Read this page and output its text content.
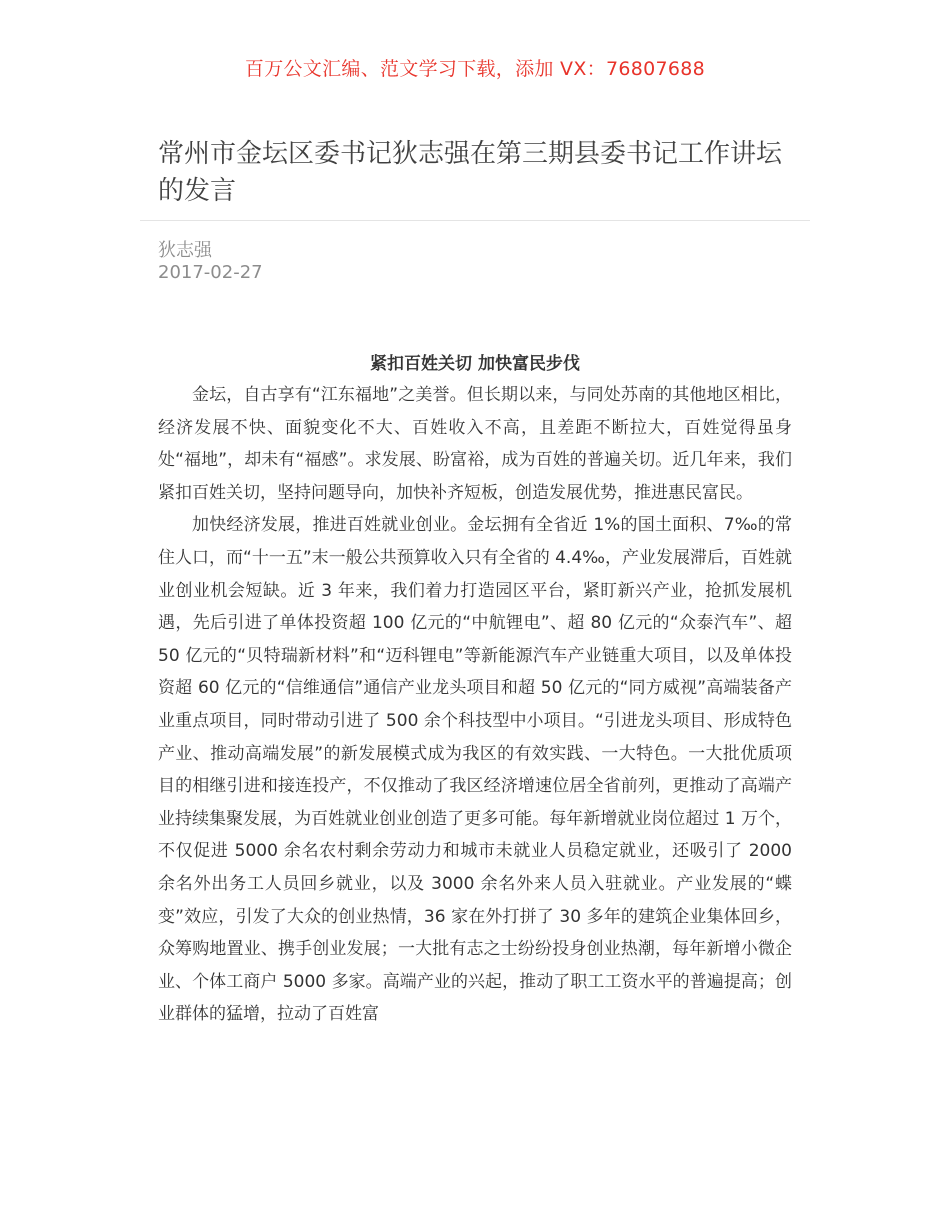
百万公文汇编、范文学习下载，添加 VX：76807688
常州市金坛区委书记狄志强在第三期县委书记工作讲坛的发言
狄志强
2017-02-27
紧扣百姓关切 加快富民步伐

金坛，自古享有“江东福地”之美誉。但长期以来，与同处苏南的其他地区相比，经济发展不快、面貌变化不大、百姓收入不高，且差距不断拉大，百姓觉得虽身处“福地”，却未有“福感”。求发展、盼富裕，成为百姓的普遍关切。近几年来，我们紧扣百姓关切，坚持问题导向，加快补齐短板，创造发展优势，推进惠民富民。

加快经济发展，推进百姓就业创业。金坛拥有全省近 1%的国土面积、7‰的常住人口，而“十一五”末一般公共预算收入只有全省的 4.4‰，产业发展滞后，百姓就业创业机会短缺。近 3 年来，我们着力打造园区平台，紧盯新兴产业，抢抓发展机遇，先后引进了单体投资超 100 亿元的“中航锂电”、超 80 亿元的“众泰汽车”、超 50 亿元的“贝特瑞新材料”和“迈科锂电”等新能源汽车产业链重大项目，以及单体投资超 60 亿元的“信维通信”通信产业龙头项目和超 50 亿元的“同方威视”高端装备产业重点项目，同时带动引进了 500 余个科技型中小项目。“引进龙头项目、形成特色产业、推动高端发展”的新发展模式成为我区的有效实践、一大特色。一大批优质项目的相继引进和接连投产，不仅推动了我区经济增速位居全省前列，更推动了高端产业持续集聚发展，为百姓就业创业创造了更多可能。每年新增就业岗位超过 1 万个，不仅促进 5000 余名农村剩余劳动力和城市未就业人员稳定就业，还吸引了 2000 余名外出务工人员回乡就业，以及 3000 余名外来人员入驻就业。产业发展的“蝶变”效应，引发了大众的创业热情，36 家在外打拼了 30 多年的建筑企业集体回乡，众筹购地置业、携手创业发展；一大批有志之士纷纷投身创业热潮，每年新增小微企业、个体工商户 5000 多家。高端产业的兴起，推动了职工工资水平的普遍提高；创业群体的猛增，拉动了百姓富
